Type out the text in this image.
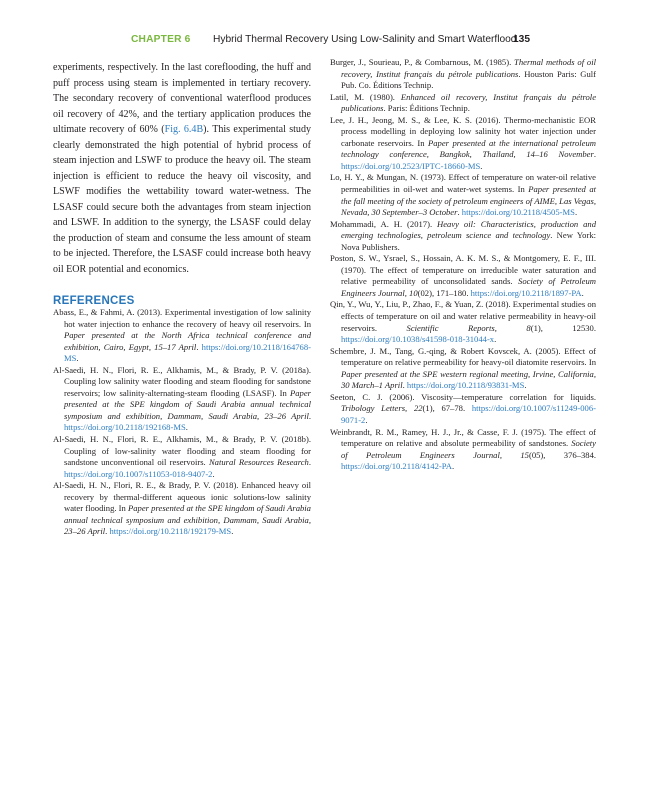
CHAPTER 6 Hybrid Thermal Recovery Using Low-Salinity and Smart Waterflood
135

experiments, respectively. In the last coreflooding, the huff and puff process using steam is implemented in tertiary recovery. The secondary recovery of conventional waterflood produces oil recovery of 42%, and the tertiary application produces the ultimate recovery of 60% (Fig. 6.4B). This experimental study clearly demonstrated the high potential of hybrid process of steam injection and LSWF to produce the heavy oil. The steam injection is efficient to reduce the heavy oil viscosity, and LSWF modifies the wettability toward water-wetness. The LSASF could secure both the advantages from steam injection and LSWF. In addition to the synergy, the LSASF could delay the production of steam and consume the less amount of steam to be injected. Therefore, the LSASF could increase both heavy oil EOR potential and economics.

REFERENCES

Abass, E., & Fahmi, A. (2013). Experimental investigation of low salinity hot water injection to enhance the recovery of heavy oil reservoirs. In Paper presented at the North Africa technical conference and exhibition, Cairo, Egypt, 15–17 April. https://doi.org/10.2118/164768-MS.

Al-Saedi, H. N., Flori, R. E., Alkhamis, M., & Brady, P. V. (2018a). Coupling low salinity water flooding and steam flooding for sandstone reservoirs; low salinity-alternating-steam flooding (LSASF). In Paper presented at the SPE kingdom of Saudi Arabia annual technical symposium and exhibition, Dammam, Saudi Arabia, 23–26 April. https://doi.org/10.2118/192168-MS.

Al-Saedi, H. N., Flori, R. E., Alkhamis, M., & Brady, P. V. (2018b). Coupling of low-salinity water flooding and steam flooding for sandstone unconventional oil reservoirs. Natural Resources Research. https://doi.org/10.1007/s11053-018-9407-2.

Al-Saedi, H. N., Flori, R. E., & Brady, P. V. (2018). Enhanced heavy oil recovery by thermal-different aqueous ionic solutions-low salinity water flooding. In Paper presented at the SPE kingdom of Saudi Arabia annual technical symposium and exhibition, Dammam, Saudi Arabia, 23–26 April. https://doi.org/10.2118/192179-MS.

Burger, J., Sourieau, P., & Combarnous, M. (1985). Thermal methods of oil recovery, Institut français du pétrole publications. Houston Paris: Gulf Pub. Co. Éditions Technip.

Latil, M. (1980). Enhanced oil recovery, Institut français du pétrole publications. Paris: Éditions Technip.

Lee, J. H., Jeong, M. S., & Lee, K. S. (2016). Thermo-mechanistic EOR process modelling in deploying low salinity hot water injection under carbonate reservoirs. In Paper presented at the international petroleum technology conference, Bangkok, Thailand, 14–16 November. https://doi.org/10.2523/IPTC-18660-MS.

Lo, H. Y., & Mungan, N. (1973). Effect of temperature on water-oil relative permeabilities in oil-wet and water-wet systems. In Paper presented at the fall meeting of the society of petroleum engineers of AIME, Las Vegas, Nevada, 30 September–3 October. https://doi.org/10.2118/4505-MS.

Mohammadi, A. H. (2017). Heavy oil: Characteristics, production and emerging technologies, petroleum science and technology. New York: Nova Publishers.

Poston, S. W., Ysrael, S., Hossain, A. K. M. S., & Montgomery, E. F., III. (1970). The effect of temperature on irreducible water saturation and relative permeability of unconsolidated sands. Society of Petroleum Engineers Journal, 10(02), 171–180. https://doi.org/10.2118/1897-PA.

Qin, Y., Wu, Y., Liu, P., Zhao, F., & Yuan, Z. (2018). Experimental studies on effects of temperature on oil and water relative permeability in heavy-oil reservoirs. Scientific Reports, 8(1), 12530. https://doi.org/10.1038/s41598-018-31044-x.

Schembre, J. M., Tang, G.-qing, & Robert Kovscek, A. (2005). Effect of temperature on relative permeability for heavy-oil diatomite reservoirs. In Paper presented at the SPE western regional meeting, Irvine, California, 30 March–1 April. https://doi.org/10.2118/93831-MS.

Seeton, C. J. (2006). Viscosity—temperature correlation for liquids. Tribology Letters, 22(1), 67–78. https://doi.org/10.1007/s11249-006-9071-2.

Weinbrandt, R. M., Ramey, H. J., Jr., & Casse, F. J. (1975). The effect of temperature on relative and absolute permeability of sandstones. Society of Petroleum Engineers Journal, 15(05), 376–384. https://doi.org/10.2118/4142-PA.
